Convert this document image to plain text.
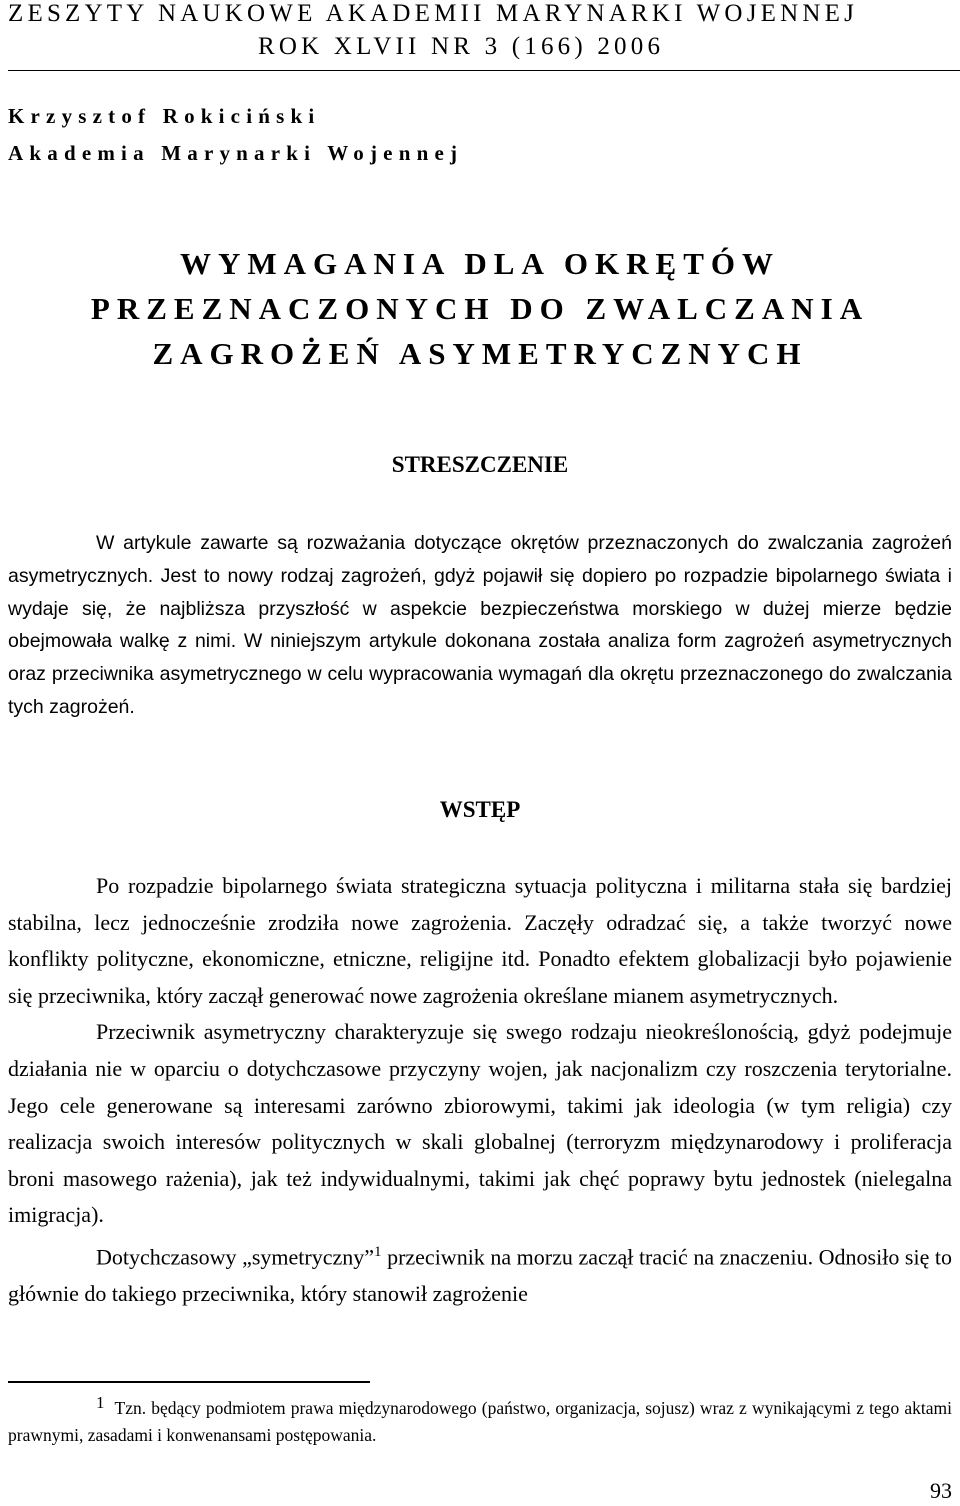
ZESZYTY NAUKOWE AKADEMII MARYNARKI WOJENNEJ
ROK XLVII NR 3 (166) 2006
Krzysztof Rokiciński
Akademia Marynarki Wojennej
WYMAGANIA DLA OKRĘTÓW
PRZEZNACZONYCH DO ZWALCZANIA
ZAGROŻEŃ ASYMETRYCZNYCH
STRESZCZENIE
W artykule zawarte są rozważania dotyczące okrętów przeznaczonych do zwalczania zagrożeń asymetrycznych. Jest to nowy rodzaj zagrożeń, gdyż pojawił się dopiero po rozpadzie bipolarnego świata i wydaje się, że najbliższa przyszłość w aspekcie bezpieczeństwa morskiego w dużej mierze będzie obejmowała walkę z nimi. W niniejszym artykule dokonana została analiza form zagrożeń asymetrycznych oraz przeciwnika asymetrycznego w celu wypracowania wymagań dla okrętu przeznaczonego do zwalczania tych zagrożeń.
WSTĘP

Po rozpadzie bipolarnego świata strategiczna sytuacja polityczna i militarna stała się bardziej stabilna, lecz jednocześnie zrodziła nowe zagrożenia. Zaczęły odradzać się, a także tworzyć nowe konflikty polityczne, ekonomiczne, etniczne, religijne itd. Ponadto efektem globalizacji było pojawienie się przeciwnika, który zaczął generować nowe zagrożenia określane mianem asymetrycznych.

Przeciwnik asymetryczny charakteryzuje się swego rodzaju nieokreślonością, gdyż podejmuje działania nie w oparciu o dotychczasowe przyczyny wojen, jak nacjonalizm czy roszczenia terytorialne. Jego cele generowane są interesami zarówno zbiorowymi, takimi jak ideologia (w tym religia) czy realizacja swoich interesów politycznych w skali globalnej (terroryzm międzynarodowy i proliferacja broni masowego rażenia), jak też indywidualnymi, takimi jak chęć poprawy bytu jednostek (nielegalna imigracja).

Dotychczasowy „symetryczny”$^1$ przeciwnik na morzu zaczął tracić na znaczeniu. Odnosiło się to głównie do takiego przeciwnika, który stanowił zagrożenie

1 Tzn. będący podmiotem prawa międzynarodowego (państwo, organizacja, sojusz) wraz z wynikającymi z tego aktami prawnymi, zasadami i konwenansami postępowania.
93
